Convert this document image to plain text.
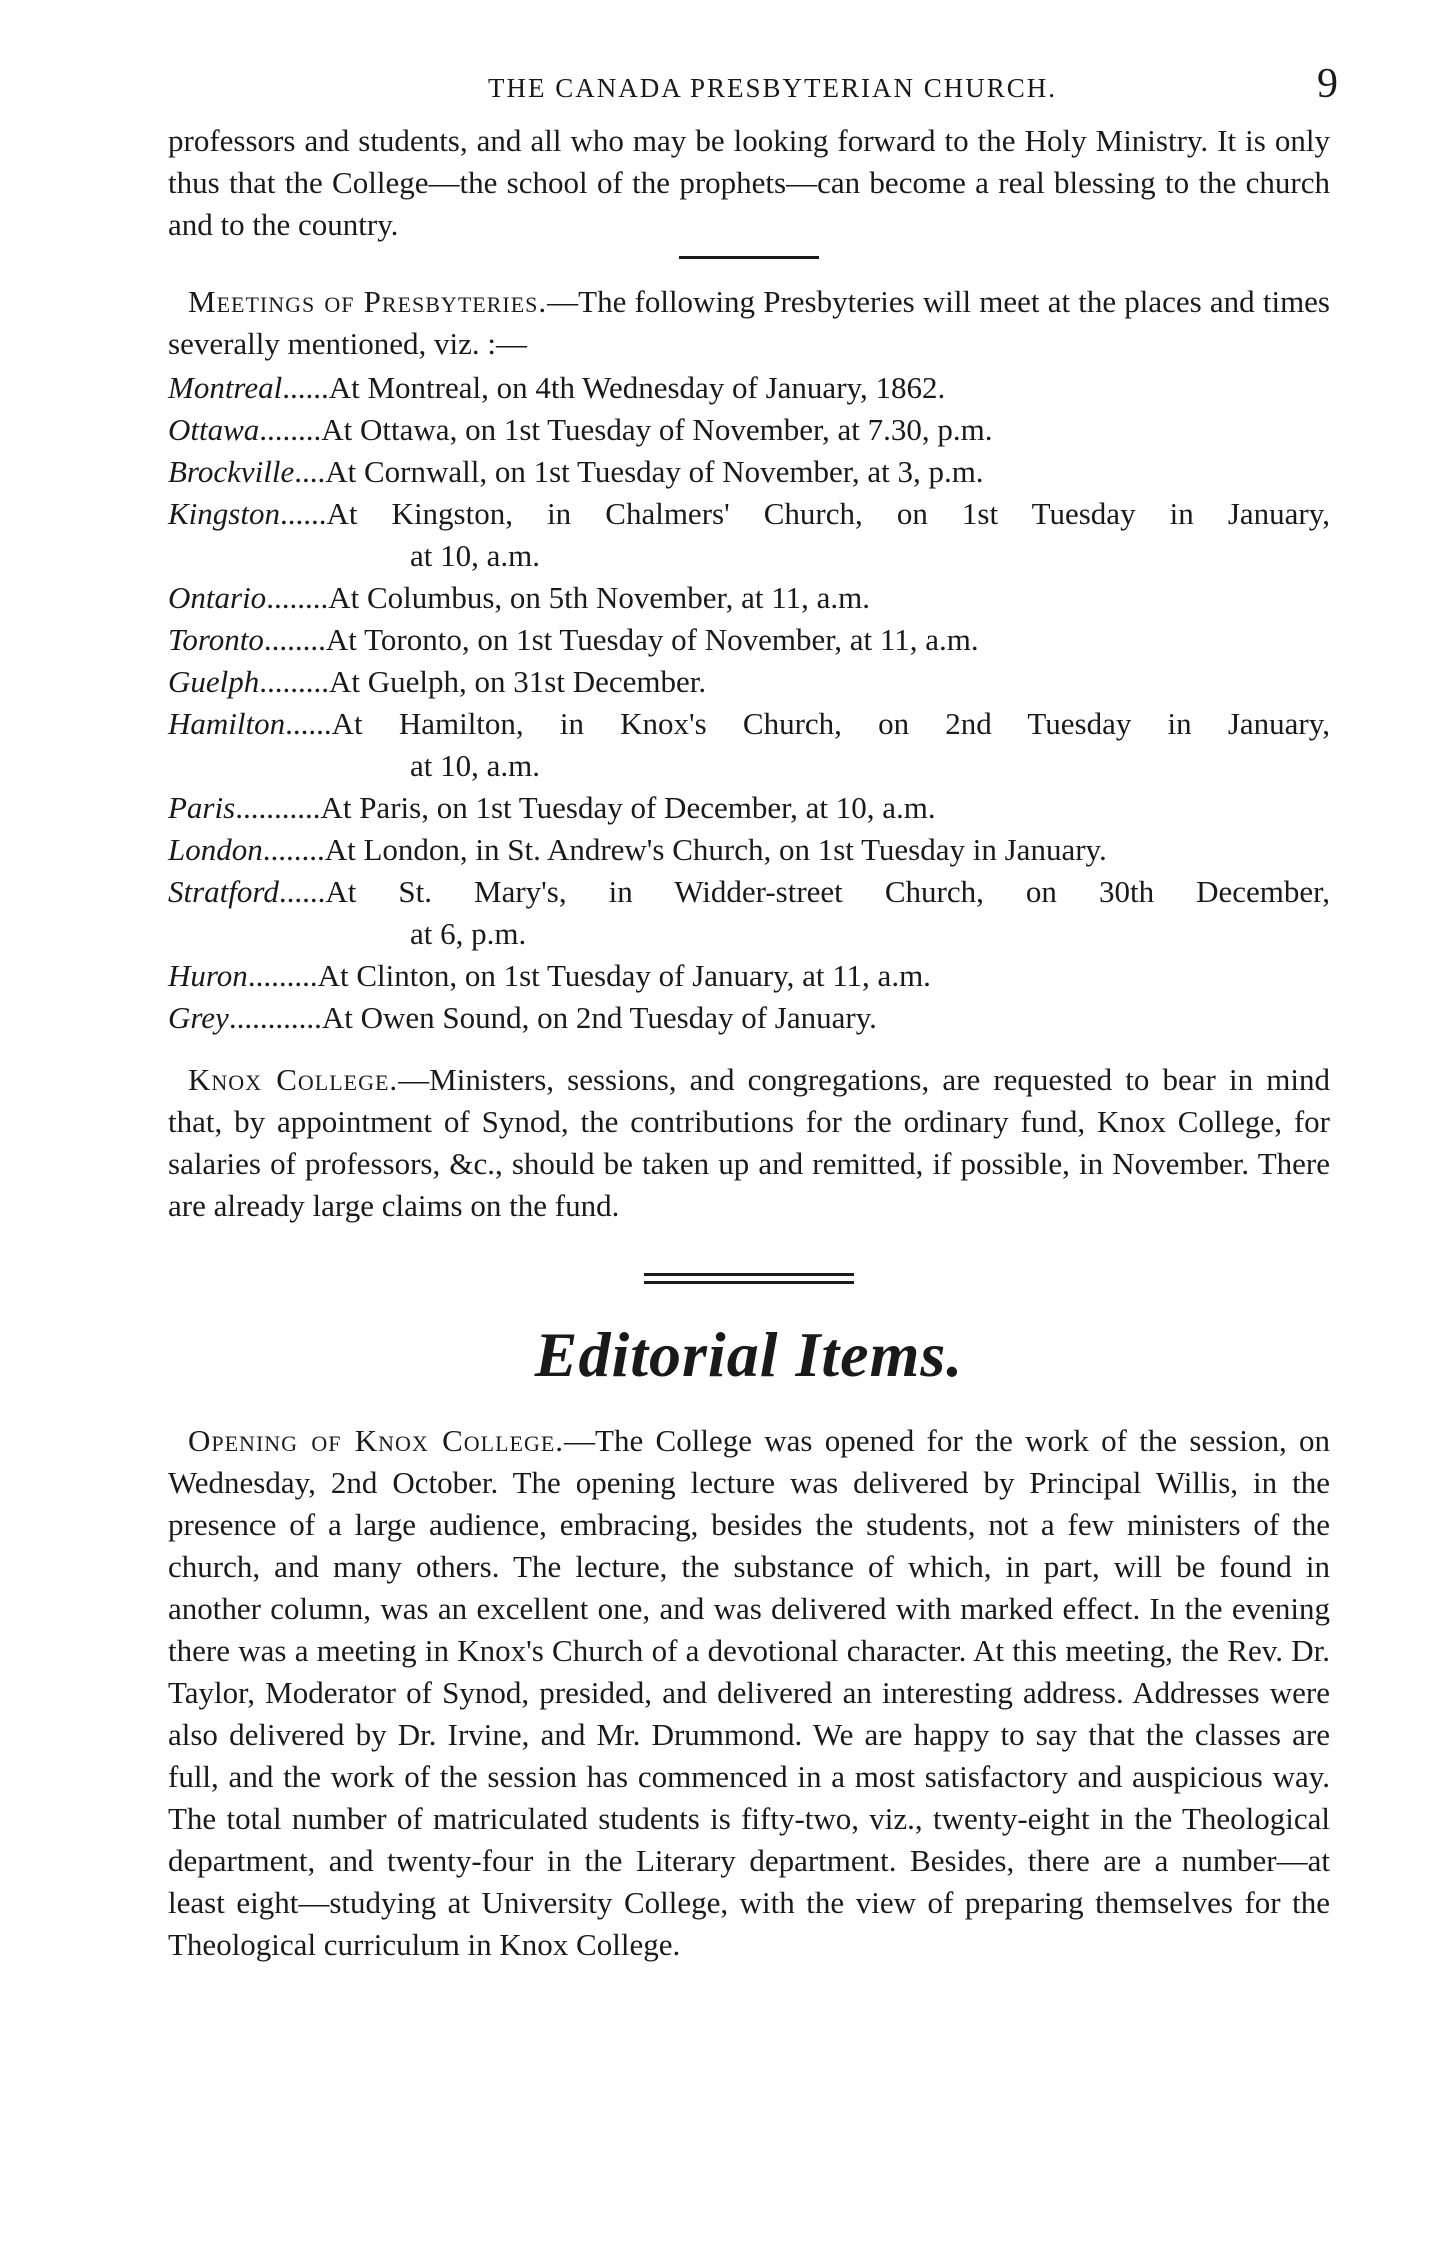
THE CANADA PRESBYTERIAN CHURCH.	9

professors and students, and all who may be looking forward to the Holy Ministry. It is only thus that the College—the school of the prophets—can become a real blessing to the church and to the country.

Meetings of Presbyteries.—The following Presbyteries will meet at the places and times severally mentioned, viz. :—

Montreal ...... At Montreal, on 4th Wednesday of January, 1862.
Ottawa ........ At Ottawa, on 1st Tuesday of November, at 7.30, p.m.
Brockville .... At Cornwall, on 1st Tuesday of November, at 3, p.m.
Kingston ...... At Kingston, in Chalmers' Church, on 1st Tuesday in January,
at 10, a.m.
Ontario ........ At Columbus, on 5th November, at 11, a.m.
Toronto ........ At Toronto, on 1st Tuesday of November, at 11, a.m.
Guelph ......... At Guelph, on 31st December.
Hamilton ...... At Hamilton, in Knox's Church, on 2nd Tuesday in January,
at 10, a.m.
Paris ........... At Paris, on 1st Tuesday of December, at 10, a.m.
London ........ At London, in St. Andrew's Church, on 1st Tuesday in January.
Stratford ...... At St. Mary's, in Widder-street Church, on 30th December,
at 6, p.m.
Huron ......... At Clinton, on 1st Tuesday of January, at 11, a.m.
Grey ............ At Owen Sound, on 2nd Tuesday of January.

Knox College.—Ministers, sessions, and congregations, are requested to bear in mind that, by appointment of Synod, the contributions for the ordinary fund, Knox College, for salaries of professors, &c., should be taken up and remitted, if possible, in November. There are already large claims on the fund.

Editorial Items.

Opening of Knox College.—The College was opened for the work of the session, on Wednesday, 2nd October. The opening lecture was delivered by Principal Willis, in the presence of a large audience, embracing, besides the students, not a few ministers of the church, and many others. The lecture, the substance of which, in part, will be found in another column, was an excellent one, and was delivered with marked effect. In the evening there was a meeting in Knox's Church of a devotional character. At this meeting, the Rev. Dr. Taylor, Moderator of Synod, presided, and delivered an interesting address. Addresses were also delivered by Dr. Irvine, and Mr. Drummond. We are happy to say that the classes are full, and the work of the session has commenced in a most satisfactory and auspicious way. The total number of matriculated students is fifty-two, viz., twenty-eight in the Theological department, and twenty-four in the Literary department. Besides, there are a number—at least eight—studying at University College, with the view of preparing themselves for the Theological curriculum in Knox College.
